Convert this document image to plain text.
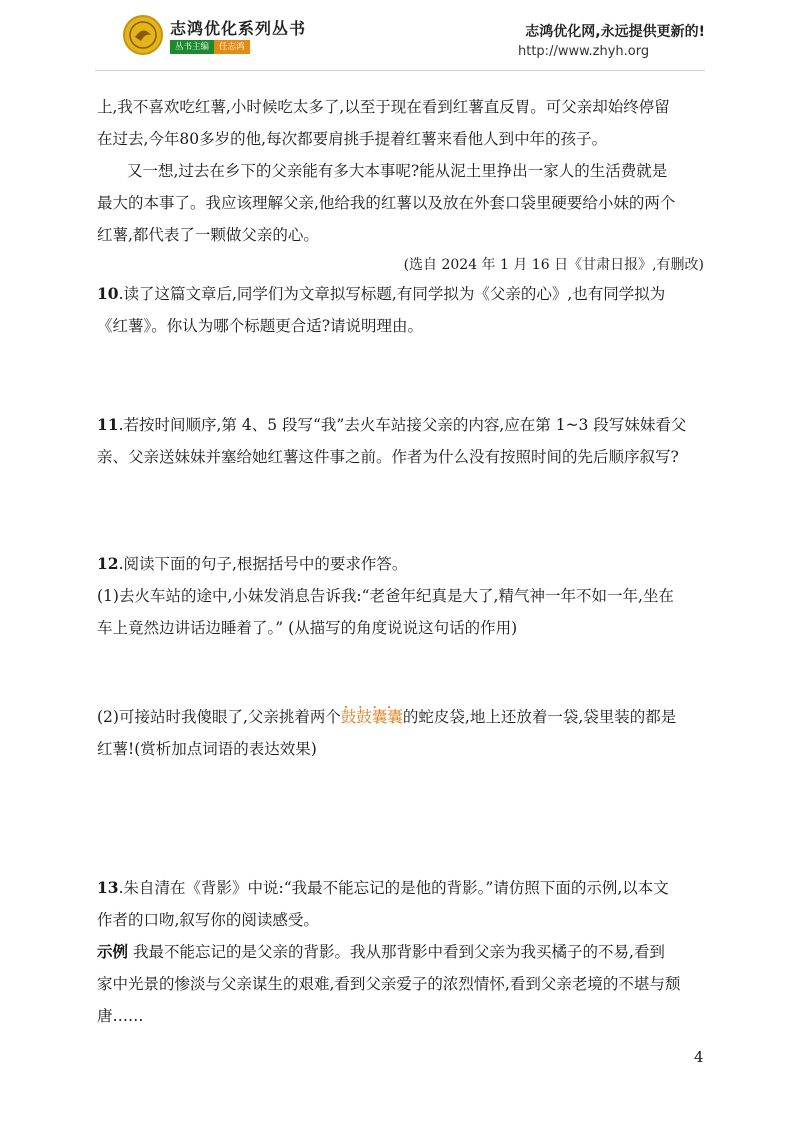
志鸿优化系列丛书
丛书主编	任志鸿
志鸿优化网,永远提供更新的!
http://www.zhyh.org
上,我不喜欢吃红薯,小时候吃太多了,以至于现在看到红薯直反胃。可父亲却始终停留
在过去,今年80多岁的他,每次都要肩挑手提着红薯来看他人到中年的孩子。
又一想,过去在乡下的父亲能有多大本事呢?能从泥土里挣出一家人的生活费就是
最大的本事了。我应该理解父亲,他给我的红薯以及放在外套口袋里硬要给小妹的两个
红薯,都代表了一颗做父亲的心。
(选自 2024 年 1 月 16 日《甘肃日报》,有删改)
10.读了这篇文章后,同学们为文章拟写标题,有同学拟为《父亲的心》,也有同学拟为
《红薯》。你认为哪个标题更合适?请说明理由。
11.若按时间顺序,第 4、5 段写“我”去火车站接父亲的内容,应在第 1~3 段写妹妹看父
亲、父亲送妹妹并塞给她红薯这件事之前。作者为什么没有按照时间的先后顺序叙写?
12.阅读下面的句子,根据括号中的要求作答。
(1)去火车站的途中,小妹发消息告诉我:“老爸年纪真是大了,精气神一年不如一年,坐在
车上竟然边讲话边睡着了。” (从描写的角度说说这句话的作用)
(2)可接站时我傻眼了,父亲挑着两个• • • • 鼓鼓囊囊的蛇皮袋,地上还放着一袋,袋里装的都是
红薯!(赏析加点词语的表达效果)
13.朱自清在《背影》中说:“我最不能忘记的是他的背影。”请仿照下面的示例,以本文
作者的口吻,叙写你的阅读感受。
示例 我最不能忘记的是父亲的背影。我从那背影中看到父亲为我买橘子的不易,看到
家中光景的惨淡与父亲谋生的艰难,看到父亲爱子的浓烈情怀,看到父亲老境的不堪与颓
唐……
4
